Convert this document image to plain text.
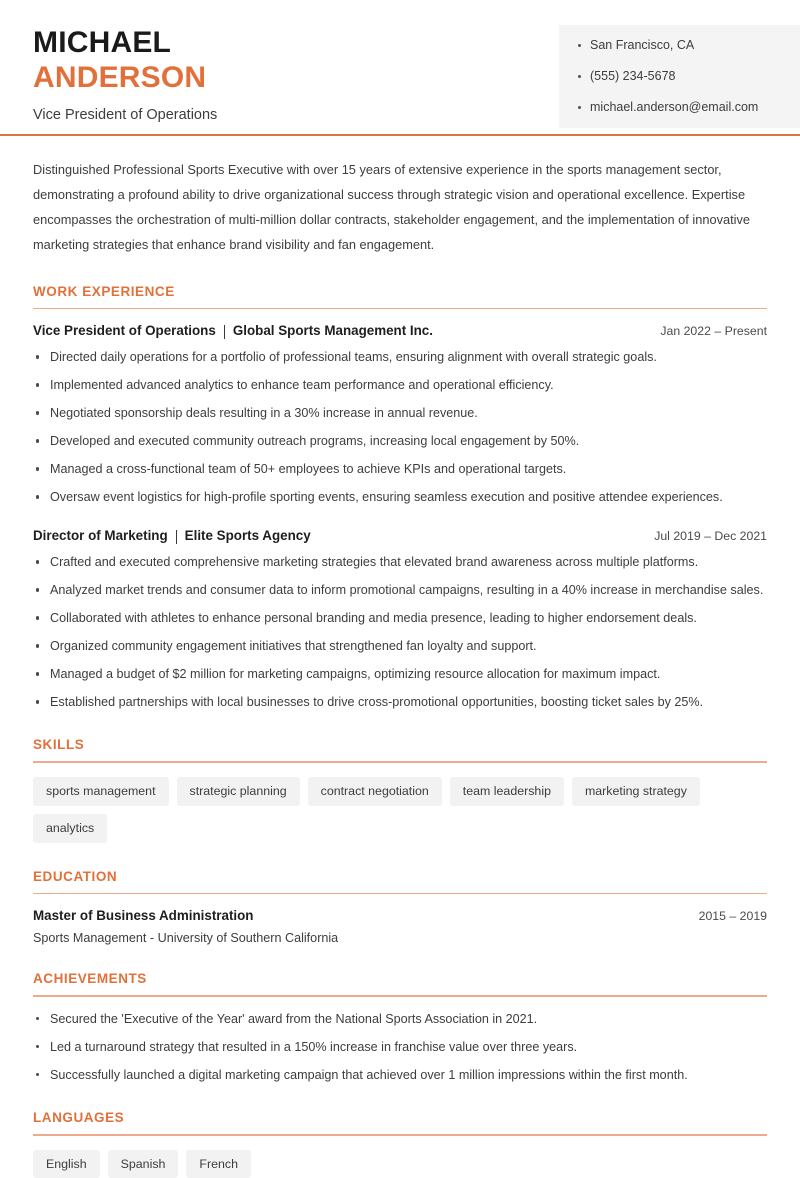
MICHAEL
ANDERSON
Vice President of Operations
San Francisco, CA
(555) 234-5678
michael.anderson@email.com

Distinguished Professional Sports Executive with over 15 years of extensive experience in the sports management sector, demonstrating a profound ability to drive organizational success through strategic vision and operational excellence. Expertise encompasses the orchestration of multi-million dollar contracts, stakeholder engagement, and the implementation of innovative marketing strategies that enhance brand visibility and fan engagement.

WORK EXPERIENCE
Vice President of Operations Global Sports Management Inc.	Jan 2022 – Present
Directed daily operations for a portfolio of professional teams, ensuring alignment with overall strategic goals.
Implemented advanced analytics to enhance team performance and operational efficiency.
Negotiated sponsorship deals resulting in a 30% increase in annual revenue.
Developed and executed community outreach programs, increasing local engagement by 50%.
Managed a cross-functional team of 50+ employees to achieve KPIs and operational targets.
Oversaw event logistics for high-profile sporting events, ensuring seamless execution and positive attendee experiences.
Director of Marketing Elite Sports Agency	Jul 2019 – Dec 2021
Crafted and executed comprehensive marketing strategies that elevated brand awareness across multiple platforms.
Analyzed market trends and consumer data to inform promotional campaigns, resulting in a 40% increase in merchandise sales.
Collaborated with athletes to enhance personal branding and media presence, leading to higher endorsement deals.
Organized community engagement initiatives that strengthened fan loyalty and support.
Managed a budget of $2 million for marketing campaigns, optimizing resource allocation for maximum impact.
Established partnerships with local businesses to drive cross-promotional opportunities, boosting ticket sales by 25%.
SKILLS
sports management	strategic planning	contract negotiation	team leadership	marketing strategy
analytics
EDUCATION
Master of Business Administration	2015 – 2019
Sports Management - University of Southern California
ACHIEVEMENTS
Secured the 'Executive of the Year' award from the National Sports Association in 2021.
Led a turnaround strategy that resulted in a 150% increase in franchise value over three years.
Successfully launched a digital marketing campaign that achieved over 1 million impressions within the first month.
LANGUAGES
English	Spanish	French
